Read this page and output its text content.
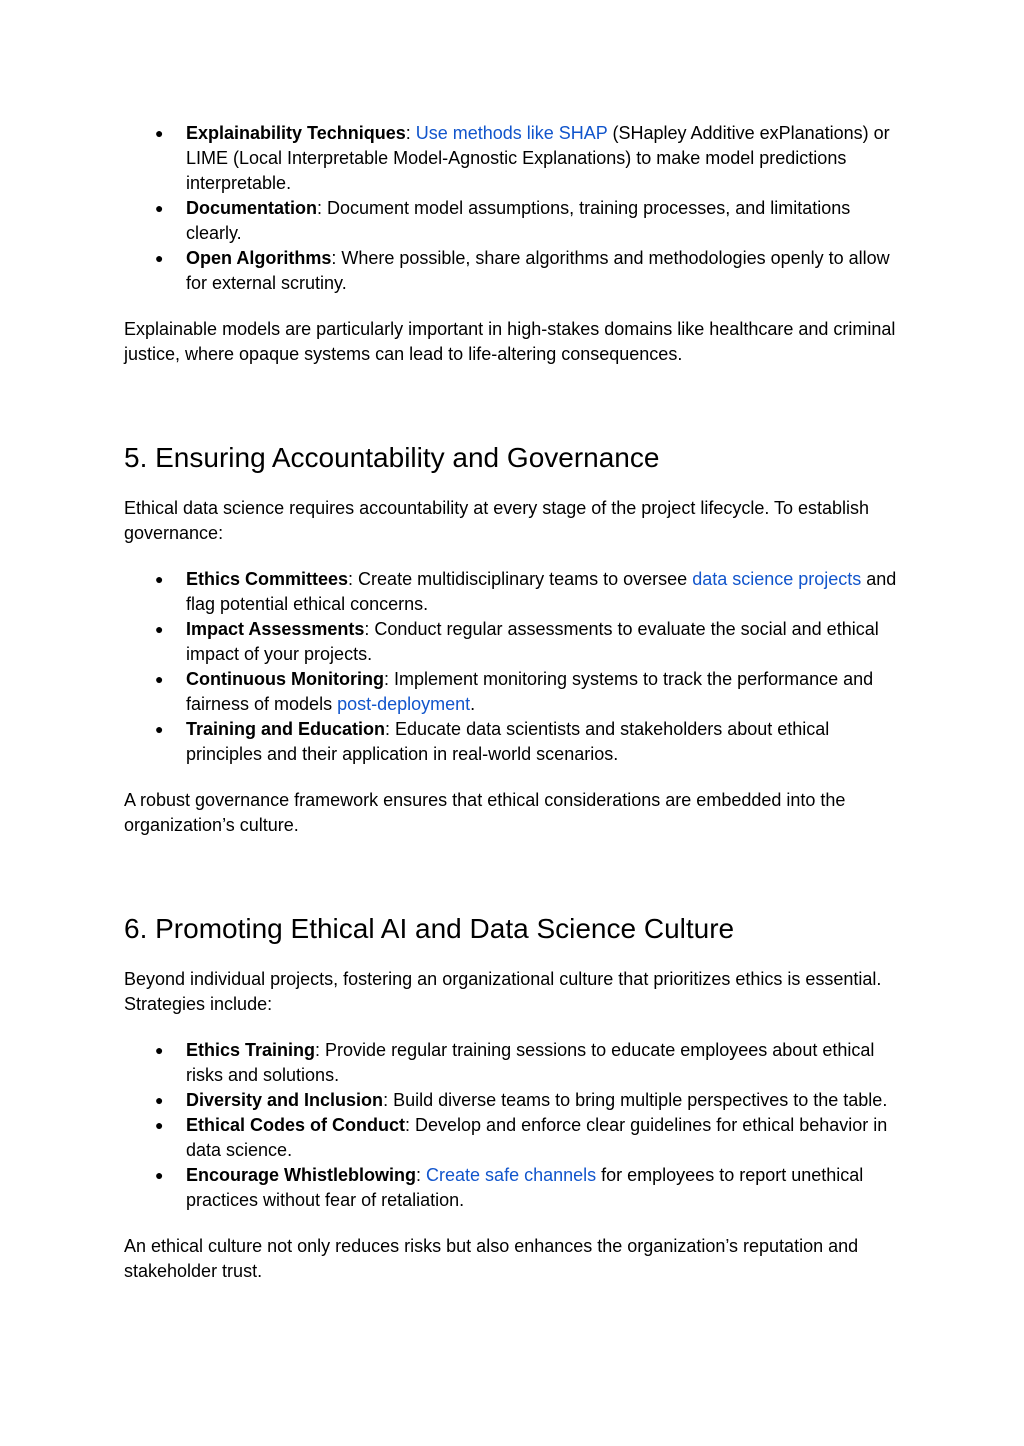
● Explainability Techniques: Use methods like SHAP (SHapley Additive exPlanations) or LIME (Local Interpretable Model-Agnostic Explanations) to make model predictions interpretable.
● Documentation: Document model assumptions, training processes, and limitations clearly.
● Open Algorithms: Where possible, share algorithms and methodologies openly to allow for external scrutiny.

Explainable models are particularly important in high-stakes domains like healthcare and criminal justice, where opaque systems can lead to life-altering consequences.

5. Ensuring Accountability and Governance

Ethical data science requires accountability at every stage of the project lifecycle. To establish governance:

● Ethics Committees: Create multidisciplinary teams to oversee data science projects and flag potential ethical concerns.
● Impact Assessments: Conduct regular assessments to evaluate the social and ethical impact of your projects.
● Continuous Monitoring: Implement monitoring systems to track the performance and fairness of models post-deployment.
● Training and Education: Educate data scientists and stakeholders about ethical principles and their application in real-world scenarios.

A robust governance framework ensures that ethical considerations are embedded into the organization’s culture.

6. Promoting Ethical AI and Data Science Culture

Beyond individual projects, fostering an organizational culture that prioritizes ethics is essential. Strategies include:

● Ethics Training: Provide regular training sessions to educate employees about ethical risks and solutions.
● Diversity and Inclusion: Build diverse teams to bring multiple perspectives to the table.
● Ethical Codes of Conduct: Develop and enforce clear guidelines for ethical behavior in data science.
● Encourage Whistleblowing: Create safe channels for employees to report unethical practices without fear of retaliation.

An ethical culture not only reduces risks but also enhances the organization’s reputation and stakeholder trust.
